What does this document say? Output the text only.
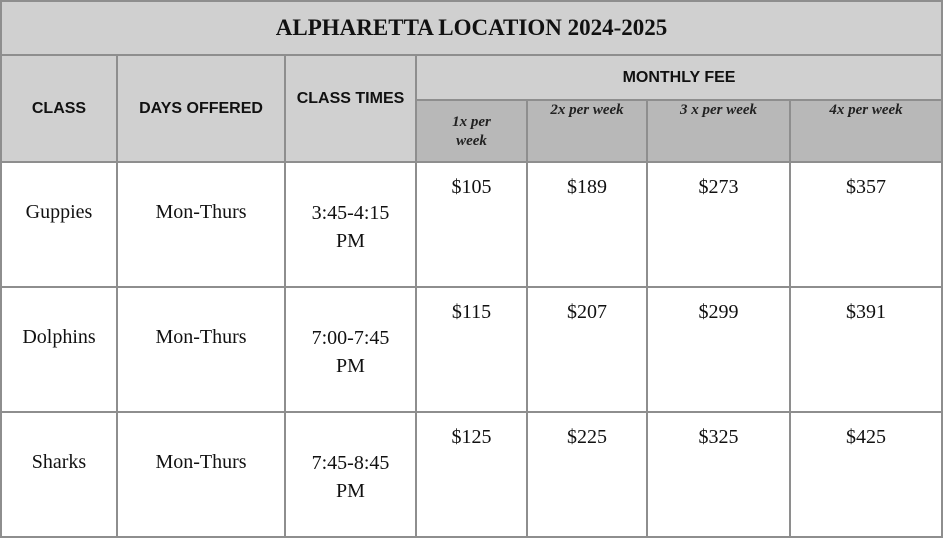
ALPHARETTA LOCATION 2024-2025						
CLASS	DAYS OFFERED	CLASS TIMES	MONTHLY FEE			
			1x per week	2x per week	3 x per week	4x per week
Guppies	Mon-Thurs	3:45-4:15 PM	$105	$189	$273	$357
Dolphins	Mon-Thurs	7:00-7:45 PM	$115	$207	$299	$391
Sharks	Mon-Thurs	7:45-8:45 PM	$125	$225	$325	$425
